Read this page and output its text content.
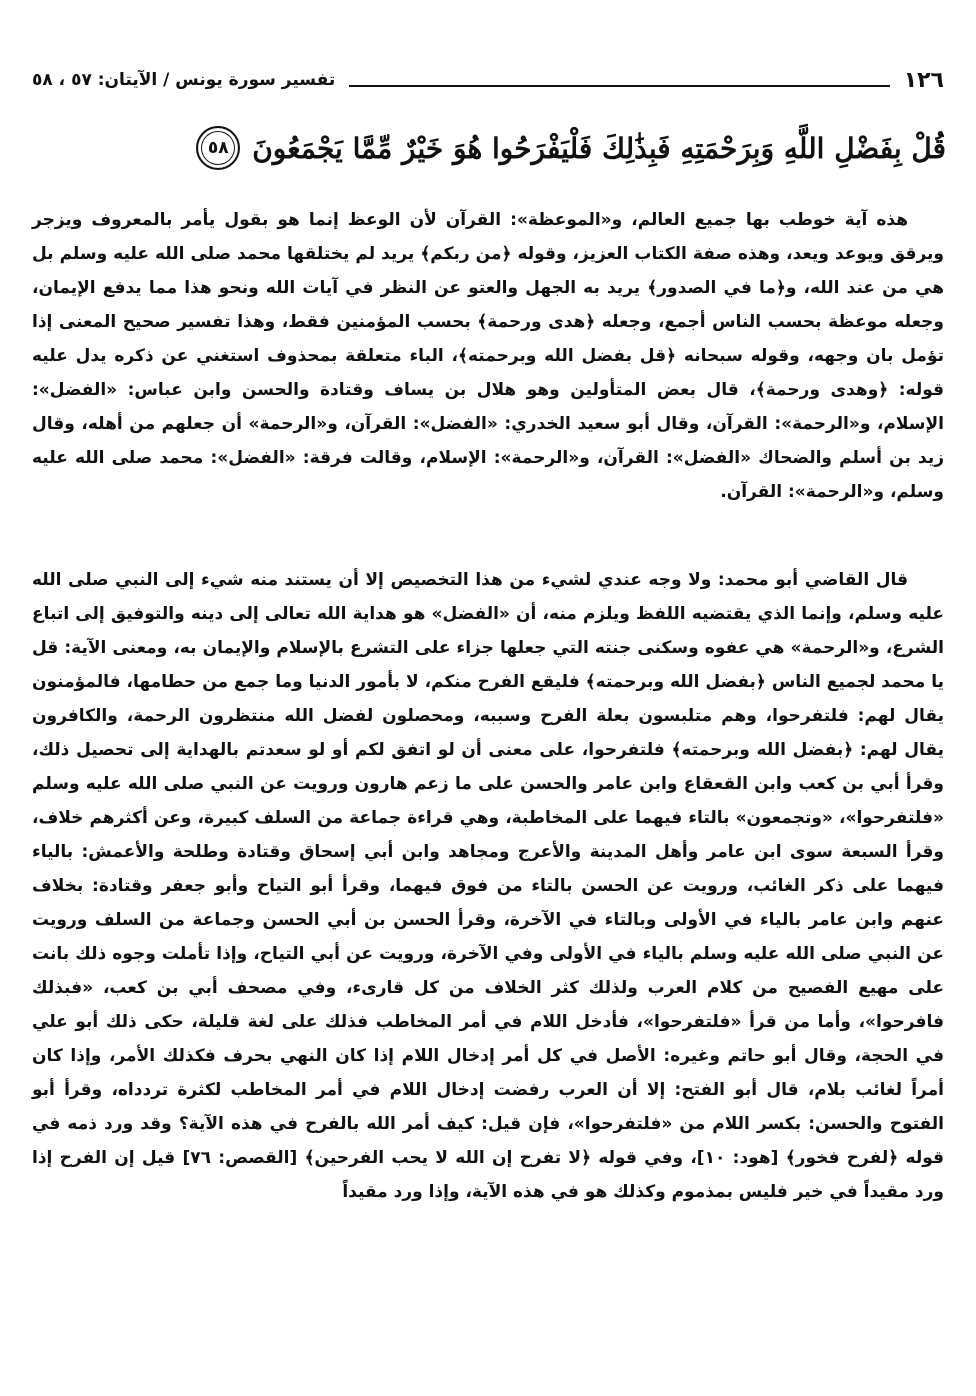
١٢٦
تفسير سورة يونس / الآيتان: ٥٧ ، ٥٨
قُلْ بِفَضْلِ اللَّهِ وَبِرَحْمَتِهِ فَبِذَٰلِكَ فَلْيَفْرَحُوا هُوَ خَيْرٌ مِّمَّا يَجْمَعُونَ
٥٨
هذه آية خوطب بها جميع العالم، و«الموعظة»: القرآن لأن الوعظ إنما هو بقول يأمر بالمعروف ويزجر ويرقق ويوعد ويعد، وهذه صفة الكتاب العزيز، وقوله ﴿من ربكم﴾ يريد لم يختلقها محمد صلى الله عليه وسلم بل هي من عند الله، و﴿ما في الصدور﴾ يريد به الجهل والعتو عن النظر في آيات الله ونحو هذا مما يدفع الإيمان، وجعله موعظة بحسب الناس أجمع، وجعله ﴿هدى ورحمة﴾ بحسب المؤمنين فقط، وهذا تفسير صحيح المعنى إذا تؤمل بان وجهه، وقوله سبحانه ﴿قل بفضل الله وبرحمته﴾، الباء متعلقة بمحذوف استغني عن ذكره يدل عليه قوله: ﴿وهدى ورحمة﴾، قال بعض المتأولين وهو هلال بن يساف وقتادة والحسن وابن عباس: «الفضل»: الإسلام، و«الرحمة»: القرآن، وقال أبو سعيد الخدري: «الفضل»: القرآن، و«الرحمة» أن جعلهم من أهله، وقال زيد بن أسلم والضحاك «الفضل»: القرآن، و«الرحمة»: الإسلام، وقالت فرقة: «الفضل»: محمد صلى الله عليه وسلم، و«الرحمة»: القرآن.
قال القاضي أبو محمد: ولا وجه عندي لشيء من هذا التخصيص إلا أن يستند منه شيء إلى النبي صلى الله عليه وسلم، وإنما الذي يقتضيه اللفظ ويلزم منه، أن «الفضل» هو هداية الله تعالى إلى دينه والتوفيق إلى اتباع الشرع، و«الرحمة» هي عفوه وسكنى جنته التي جعلها جزاء على التشرع بالإسلام والإيمان به، ومعنى الآية: قل يا محمد لجميع الناس ﴿بفضل الله وبرحمته﴾ فليقع الفرح منكم، لا بأمور الدنيا وما جمع من حطامها، فالمؤمنون يقال لهم: فلتفرحوا، وهم متلبسون بعلة الفرح وسببه، ومحصلون لفضل الله منتظرون الرحمة، والكافرون يقال لهم: ﴿بفضل الله وبرحمته﴾ فلتفرحوا، على معنى أن لو اتفق لكم أو لو سعدتم بالهداية إلى تحصيل ذلك، وقرأ أبي بن كعب وابن القعقاع وابن عامر والحسن على ما زعم هارون ورويت عن النبي صلى الله عليه وسلم «فلتفرحوا»، «وتجمعون» بالتاء فيهما على المخاطبة، وهي قراءة جماعة من السلف كبيرة، وعن أكثرهم خلاف، وقرأ السبعة سوى ابن عامر وأهل المدينة والأعرج ومجاهد وابن أبي إسحاق وقتادة وطلحة والأعمش: بالياء فيهما على ذكر الغائب، ورويت عن الحسن بالتاء من فوق فيهما، وقرأ أبو التياح وأبو جعفر وقتادة: بخلاف عنهم وابن عامر بالياء في الأولى وبالتاء في الآخرة، وقرأ الحسن بن أبي الحسن وجماعة من السلف ورويت عن النبي صلى الله عليه وسلم بالياء في الأولى وفي الآخرة، ورويت عن أبي التياح، وإذا تأملت وجوه ذلك بانت على مهيع الفصيح من كلام العرب ولذلك كثر الخلاف من كل قارىء، وفي مصحف أبي بن كعب، «فبذلك فافرحوا»، وأما من قرأ «فلتفرحوا»، فأدخل اللام في أمر المخاطب فذلك على لغة قليلة، حكى ذلك أبو علي في الحجة، وقال أبو حاتم وغيره: الأصل في كل أمر إدخال اللام إذا كان النهي بحرف فكذلك الأمر، وإذا كان أمراً لغائب بلام، قال أبو الفتح: إلا أن العرب رفضت إدخال اللام في أمر المخاطب لكثرة تردداه، وقرأ أبو الفتوح والحسن: بكسر اللام من «فلتفرحوا»، فإن قيل: كيف أمر الله بالفرح في هذه الآية؟ وقد ورد ذمه في قوله ﴿لفرح فخور﴾ [هود: ١٠]، وفي قوله ﴿لا تفرح إن الله لا يحب الفرحين﴾ [القصص: ٧٦] قيل إن الفرح إذا ورد مقيداً في خير فليس بمذموم وكذلك هو في هذه الآية، وإذا ورد مقيداً
